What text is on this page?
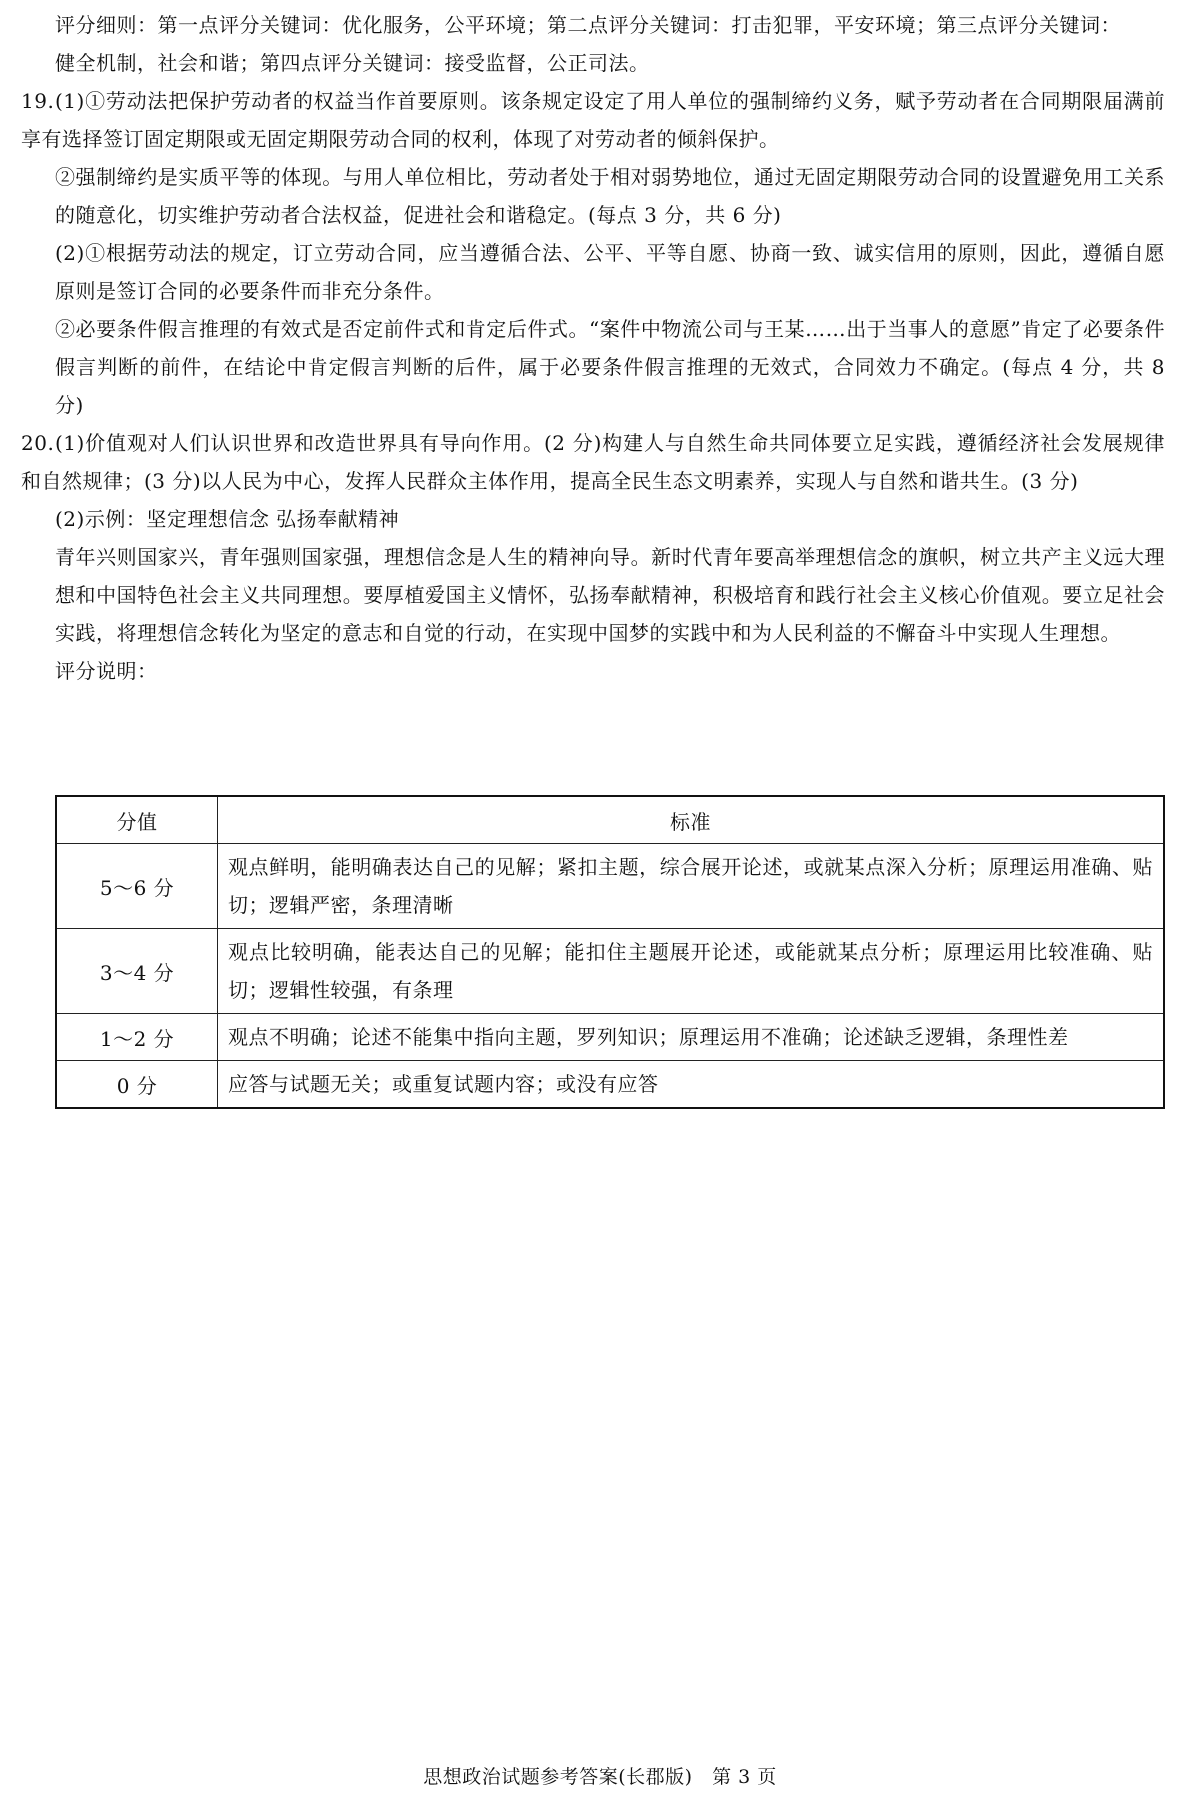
评分细则：第一点评分关键词：优化服务，公平环境；第二点评分关键词：打击犯罪，平安环境；第三点评分关键词：

健全机制，社会和谐；第四点评分关键词：接受监督，公正司法。

19.(1)①劳动法把保护劳动者的权益当作首要原则。该条规定设定了用人单位的强制缔约义务，赋予劳动者在合同期限届满前享有选择签订固定期限或无固定期限劳动合同的权利，体现了对劳动者的倾斜保护。

②强制缔约是实质平等的体现。与用人单位相比，劳动者处于相对弱势地位，通过无固定期限劳动合同的设置避免用工关系的随意化，切实维护劳动者合法权益，促进社会和谐稳定。(每点 3 分，共 6 分)

(2)①根据劳动法的规定，订立劳动合同，应当遵循合法、公平、平等自愿、协商一致、诚实信用的原则，因此，遵循自愿原则是签订合同的必要条件而非充分条件。

②必要条件假言推理的有效式是否定前件式和肯定后件式。“案件中物流公司与王某……出于当事人的意愿”肯定了必要条件假言判断的前件，在结论中肯定假言判断的后件，属于必要条件假言推理的无效式，合同效力不确定。(每点 4 分，共 8 分)

20.(1)价值观对人们认识世界和改造世界具有导向作用。(2 分)构建人与自然生命共同体要立足实践，遵循经济社会发展规律和自然规律；(3 分)以人民为中心，发挥人民群众主体作用，提高全民生态文明素养，实现人与自然和谐共生。(3 分)

(2)示例：坚定理想信念 弘扬奉献精神

青年兴则国家兴，青年强则国家强，理想信念是人生的精神向导。新时代青年要高举理想信念的旗帜，树立共产主义远大理想和中国特色社会主义共同理想。要厚植爱国主义情怀，弘扬奉献精神，积极培育和践行社会主义核心价值观。要立足社会实践，将理想信念转化为坚定的意志和自觉的行动，在实现中国梦的实践中和为人民利益的不懈奋斗中实现人生理想。

评分说明：

分值	标准
5～6 分	观点鲜明，能明确表达自己的见解；紧扣主题，综合展开论述，或就某点深入分析；原理运用准确、贴切；逻辑严密，条理清晰
3～4 分	观点比较明确，能表达自己的见解；能扣住主题展开论述，或能就某点分析；原理运用比较准确、贴切；逻辑性较强，有条理
1～2 分	观点不明确；论述不能集中指向主题，罗列知识；原理运用不准确；论述缺乏逻辑，条理性差
0 分	应答与试题无关；或重复试题内容；或没有应答
思想政治试题参考答案(长郡版)　第 3 页
